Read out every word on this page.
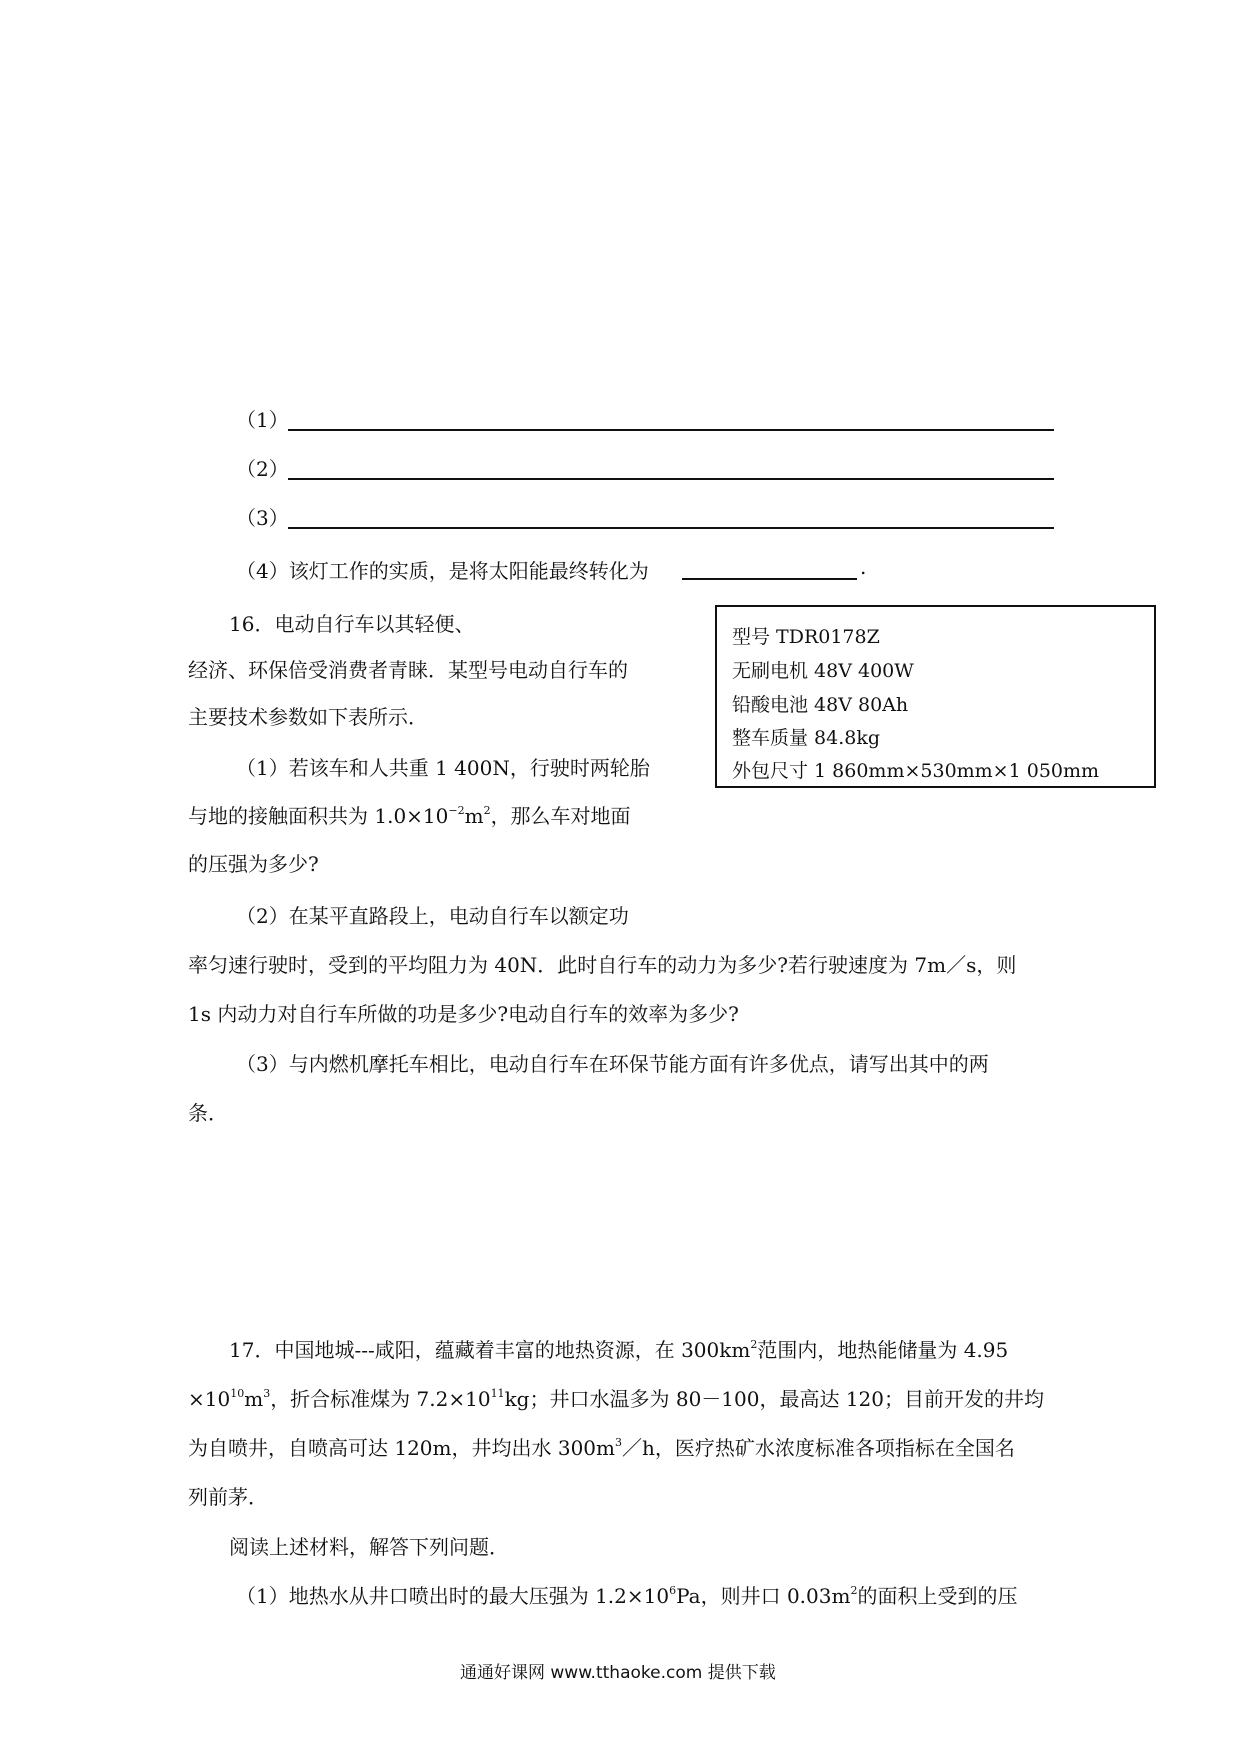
（1）
（2）
（3）
（4）该灯工作的实质，是将太阳能最终转化为	.
16．电动自行车以其轻便、
经济、环保倍受消费者青睐．某型号电动自行车的
主要技术参数如下表所示．
（1）若该车和人共重 1 400N，行驶时两轮胎
与地的接触面积共为 $1.0\times 10^{-2}m^2$，那么车对地面
的压强为多少?
（2）在某平直路段上，电动自行车以额定功
率匀速行驶时，受到的平均阻力为 40N．此时自行车的动力为多少?若行驶速度为 7m／s，则
1s 内动力对自行车所做的功是多少?电动自行车的效率为多少?
（3）与内燃机摩托车相比，电动自行车在环保节能方面有许多优点，请写出其中的两
条．
型号 TDR0178Z
无刷电机 48V 400W
铅酸电池 48V 80Ah
整车质量 84.8kg
外包尺寸 1 860mm×530mm×1 050mm
17．中国地城---咸阳，蕴藏着丰富的地热资源，在 $300km^2$范围内，地热能储量为 4.95
$\times 10^{10}m^3$，折合标准煤为 $7.2\times 10^{11}kg$；井口水温多为 80－100，最高达 120；目前开发的井均
为自喷井，自喷高可达 120m，井均出水 $300m^3/h$，医疗热矿水浓度标准各项指标在全国名
列前茅．
阅读上述材料，解答下列问题．
（1）地热水从井口喷出时的最大压强为 $1.2\times 10^6Pa$，则井口 $0.03m^2$的面积上受到的压
通通好课网 www.tthaoke.com 提供下载
